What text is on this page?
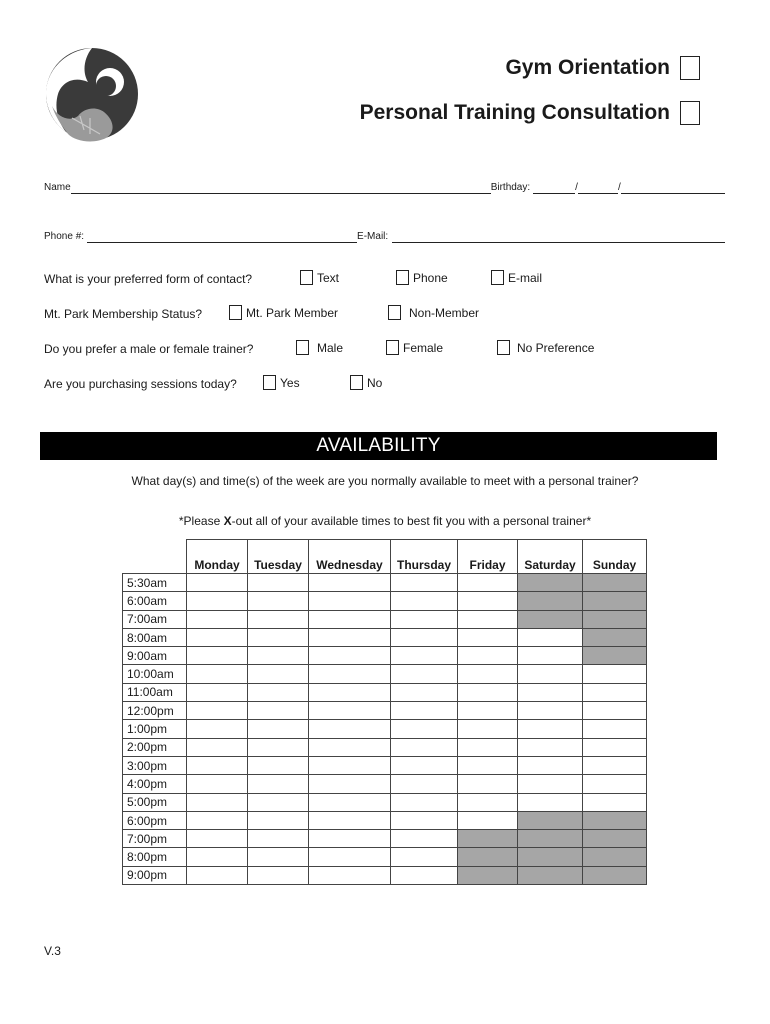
Gym Orientation
Personal Training Consultation
Name	Birthday:	/	/
Phone #:	E-Mail:
What is your preferred form of contact?	Text	Phone	E-mail
Mt. Park Membership Status?	Mt. Park Member	Non-Member
Do you prefer a male or female trainer?	Male	Female	No Preference
Are you purchasing sessions today?	Yes	No
AVAILABILITY
What day(s) and time(s) of the week are you normally available to meet with a personal trainer?
*Please X-out all of your available times to best fit you with a personal trainer*
	Monday	Tuesday	Wednesday	Thursday	Friday	Saturday	Sunday
5:30am							
6:00am							
7:00am							
8:00am							
9:00am							
10:00am							
11:00am							
12:00pm							
1:00pm							
2:00pm							
3:00pm							
4:00pm							
5:00pm							
6:00pm							
7:00pm							
8:00pm							
9:00pm							
V.3
